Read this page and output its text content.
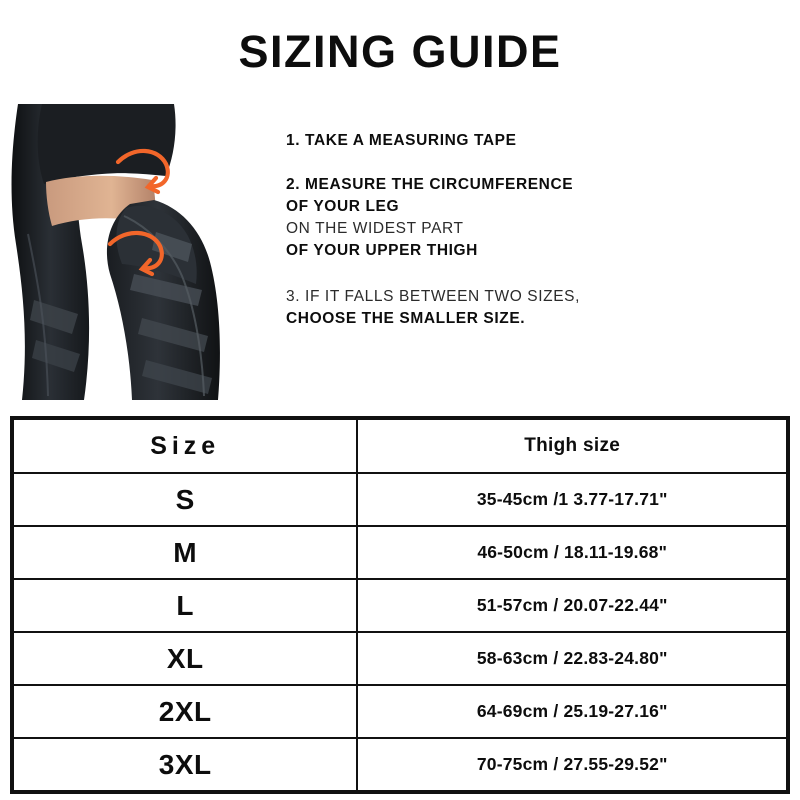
SIZING GUIDE
1. TAKE A MEASURING TAPE
2. MEASURE THE CIRCUMFERENCE
OF YOUR LEG
ON THE WIDEST PART
OF YOUR UPPER THIGH
3. IF IT FALLS BETWEEN TWO SIZES,
CHOOSE THE SMALLER SIZE.
Size	Thigh size
S	35-45cm /1 3.77-17.71"
M	46-50cm / 18.11-19.68"
L	51-57cm / 20.07-22.44"
XL	58-63cm / 22.83-24.80"
2XL	64-69cm / 25.19-27.16"
3XL	70-75cm / 27.55-29.52"
